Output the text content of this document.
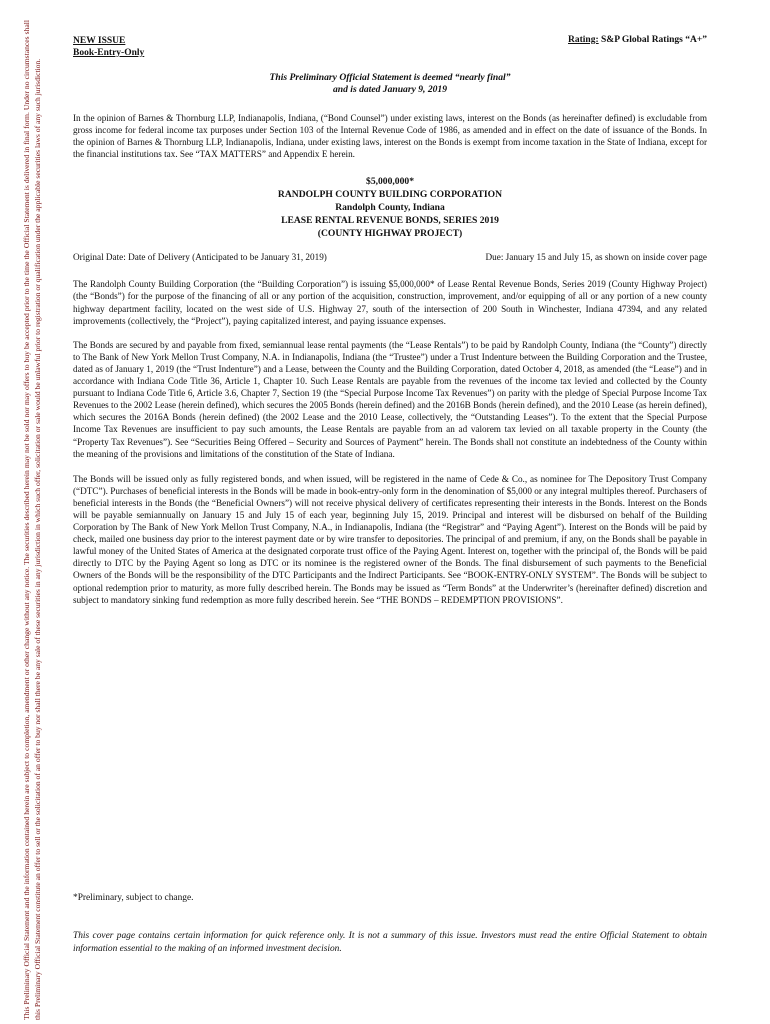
This Preliminary Official Statement and the information contained herein are subject to completion, amendment or other change without any notice. The securities described herein may not be sold nor may offers to buy be accepted prior to the time the Official Statement is delivered in final form. Under no circumstances shall this Preliminary Official Statement constitute an offer to sell or the solicitation of an offer to buy nor shall there be any sale of these securities in any jurisdiction in which such offer, solicitation or sale would be unlawful prior to registration or qualification under the applicable securities laws of any such jurisdiction.
NEW ISSUE
Book-Entry-Only
Rating: S&P Global Ratings “A+”
This Preliminary Official Statement is deemed “nearly final”
and is dated January 9, 2019

In the opinion of Barnes & Thornburg LLP, Indianapolis, Indiana, (“Bond Counsel”) under existing laws, interest on the Bonds (as hereinafter defined) is excludable from gross income for federal income tax purposes under Section 103 of the Internal Revenue Code of 1986, as amended and in effect on the date of issuance of the Bonds. In the opinion of Barnes & Thornburg LLP, Indianapolis, Indiana, under existing laws, interest on the Bonds is exempt from income taxation in the State of Indiana, except for the financial institutions tax. See “TAX MATTERS” and Appendix E herein.

$5,000,000*
RANDOLPH COUNTY BUILDING CORPORATION
Randolph County, Indiana
LEASE RENTAL REVENUE BONDS, SERIES 2019
(COUNTY HIGHWAY PROJECT)
Original Date: Date of Delivery (Anticipated to be January 31, 2019)	Due: January 15 and July 15, as shown on inside cover page

The Randolph County Building Corporation (the “Building Corporation”) is issuing $5,000,000* of Lease Rental Revenue Bonds, Series 2019 (County Highway Project) (the “Bonds”) for the purpose of the financing of all or any portion of the acquisition, construction, improvement, and/or equipping of all or any portion of a new county highway department facility, located on the west side of U.S. Highway 27, south of the intersection of 200 South in Winchester, Indiana 47394, and any related improvements (collectively, the “Project”), paying capitalized interest, and paying issuance expenses.

The Bonds are secured by and payable from fixed, semiannual lease rental payments (the “Lease Rentals”) to be paid by Randolph County, Indiana (the “County”) directly to The Bank of New York Mellon Trust Company, N.A. in Indianapolis, Indiana (the “Trustee”) under a Trust Indenture between the Building Corporation and the Trustee, dated as of January 1, 2019 (the “Trust Indenture”) and a Lease, between the County and the Building Corporation, dated October 4, 2018, as amended (the “Lease”) and in accordance with Indiana Code Title 36, Article 1, Chapter 10. Such Lease Rentals are payable from the revenues of the income tax levied and collected by the County pursuant to Indiana Code Title 6, Article 3.6, Chapter 7, Section 19 (the “Special Purpose Income Tax Revenues”) on parity with the pledge of Special Purpose Income Tax Revenues to the 2002 Lease (herein defined), which secures the 2005 Bonds (herein defined) and the 2016B Bonds (herein defined), and the 2010 Lease (as herein defined), which secures the 2016A Bonds (herein defined) (the 2002 Lease and the 2010 Lease, collectively, the “Outstanding Leases”). To the extent that the Special Purpose Income Tax Revenues are insufficient to pay such amounts, the Lease Rentals are payable from an ad valorem tax levied on all taxable property in the County (the “Property Tax Revenues”). See “Securities Being Offered – Security and Sources of Payment” herein. The Bonds shall not constitute an indebtedness of the County within the meaning of the provisions and limitations of the constitution of the State of Indiana.

The Bonds will be issued only as fully registered bonds, and when issued, will be registered in the name of Cede & Co., as nominee for The Depository Trust Company (“DTC”). Purchases of beneficial interests in the Bonds will be made in book-entry-only form in the denomination of $5,000 or any integral multiples thereof. Purchasers of beneficial interests in the Bonds (the “Beneficial Owners”) will not receive physical delivery of certificates representing their interests in the Bonds. Interest on the Bonds will be payable semiannually on January 15 and July 15 of each year, beginning July 15, 2019. Principal and interest will be disbursed on behalf of the Building Corporation by The Bank of New York Mellon Trust Company, N.A., in Indianapolis, Indiana (the “Registrar” and “Paying Agent”). Interest on the Bonds will be paid by check, mailed one business day prior to the interest payment date or by wire transfer to depositories. The principal of and premium, if any, on the Bonds shall be payable in lawful money of the United States of America at the designated corporate trust office of the Paying Agent. Interest on, together with the principal of, the Bonds will be paid directly to DTC by the Paying Agent so long as DTC or its nominee is the registered owner of the Bonds. The final disbursement of such payments to the Beneficial Owners of the Bonds will be the responsibility of the DTC Participants and the Indirect Participants. See “BOOK-ENTRY-ONLY SYSTEM”. The Bonds will be subject to optional redemption prior to maturity, as more fully described herein. The Bonds may be issued as “Term Bonds” at the Underwriter’s (hereinafter defined) discretion and subject to mandatory sinking fund redemption as more fully described herein. See “THE BONDS – REDEMPTION PROVISIONS”.

*Preliminary, subject to change.
This cover page contains certain information for quick reference only. It is not a summary of this issue. Investors must read the entire Official Statement to obtain information essential to the making of an informed investment decision.
